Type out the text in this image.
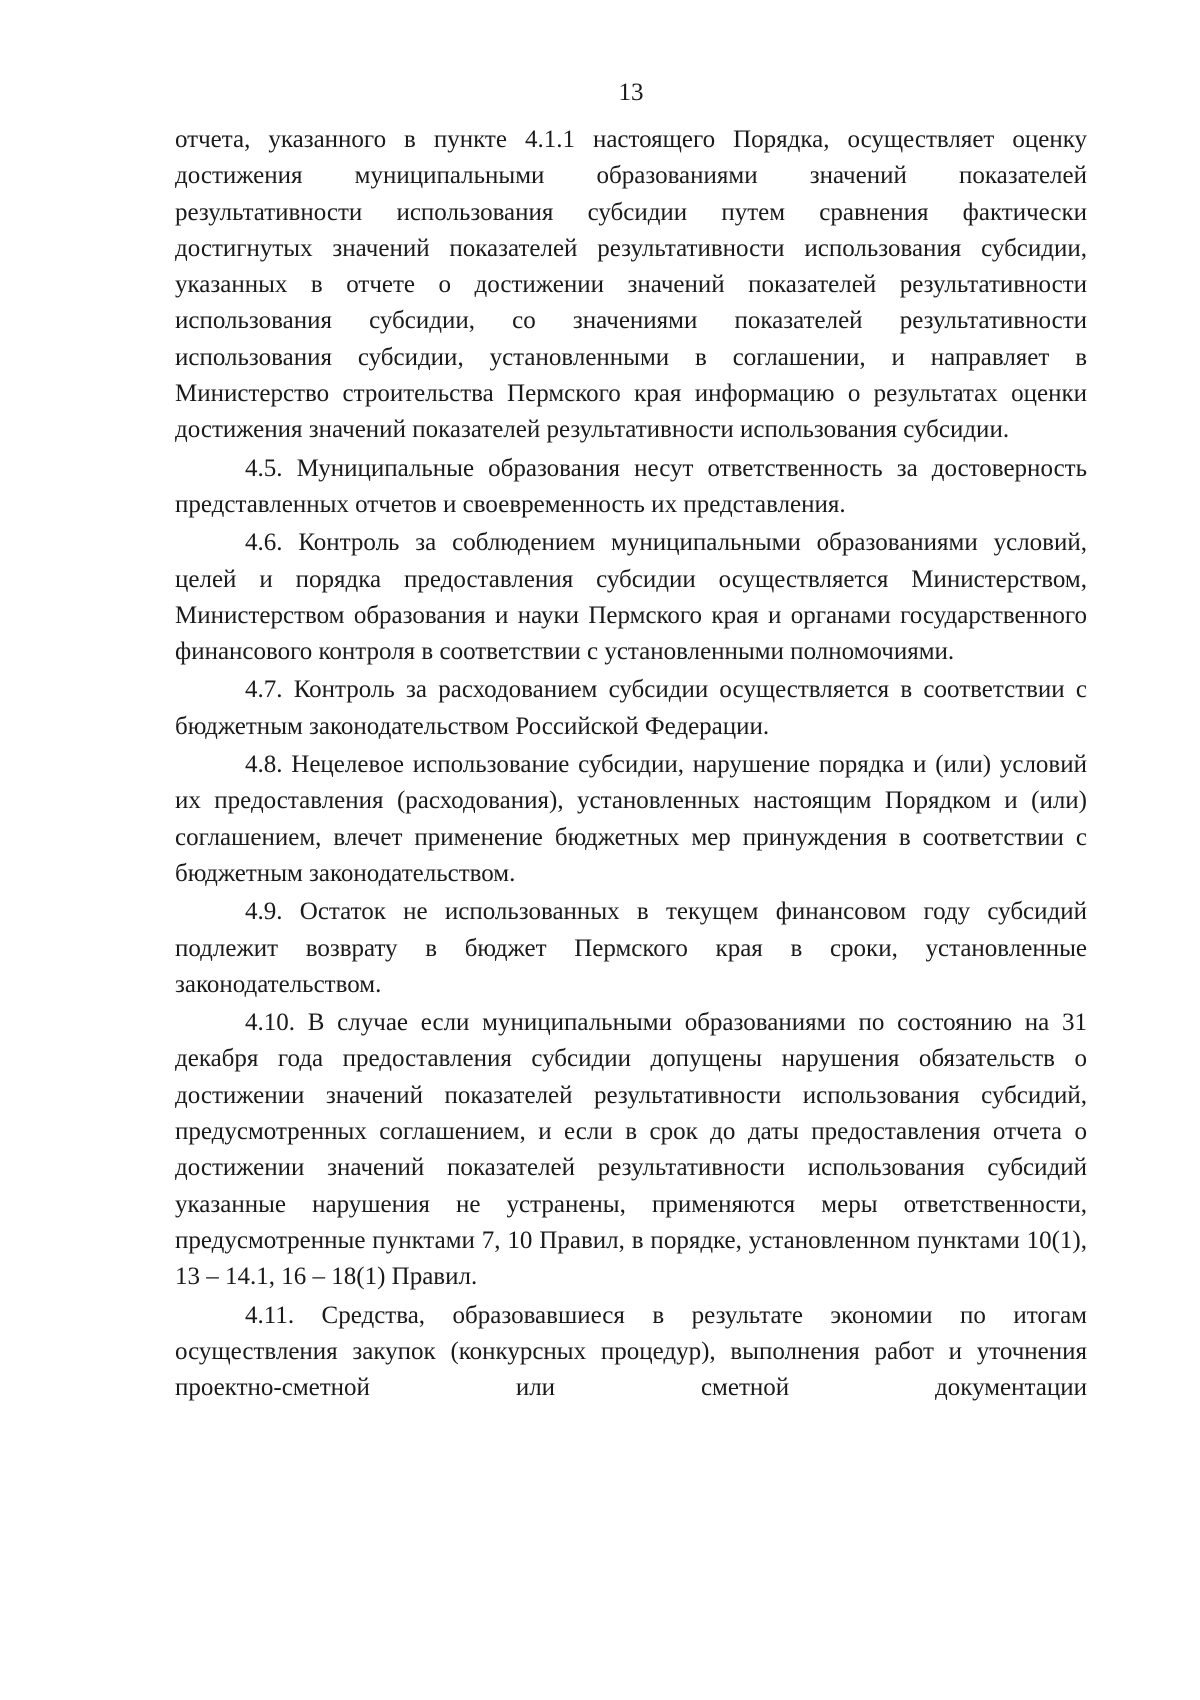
13

отчета, указанного в пункте 4.1.1 настоящего Порядка, осуществляет оценку достижения муниципальными образованиями значений показателей результативности использования субсидии путем сравнения фактически достигнутых значений показателей результативности использования субсидии, указанных в отчете о достижении значений показателей результативности использования субсидии, со значениями показателей результативности использования субсидии, установленными в соглашении, и направляет в Министерство строительства Пермского края информацию о результатах оценки достижения значений показателей результативности использования субсидии.

4.5. Муниципальные образования несут ответственность за достоверность представленных отчетов и своевременность их представления.

4.6. Контроль за соблюдением муниципальными образованиями условий, целей и порядка предоставления субсидии осуществляется Министерством, Министерством образования и науки Пермского края и органами государственного финансового контроля в соответствии с установленными полномочиями.

4.7. Контроль за расходованием субсидии осуществляется в соответствии с бюджетным законодательством Российской Федерации.

4.8. Нецелевое использование субсидии, нарушение порядка и (или) условий их предоставления (расходования), установленных настоящим Порядком и (или) соглашением, влечет применение бюджетных мер принуждения в соответствии с бюджетным законодательством.

4.9. Остаток не использованных в текущем финансовом году субсидий подлежит возврату в бюджет Пермского края в сроки, установленные законодательством.

4.10. В случае если муниципальными образованиями по состоянию на 31 декабря года предоставления субсидии допущены нарушения обязательств о достижении значений показателей результативности использования субсидий, предусмотренных соглашением, и если в срок до даты предоставления отчета о достижении значений показателей результативности использования субсидий указанные нарушения не устранены, применяются меры ответственности, предусмотренные пунктами 7, 10 Правил, в порядке, установленном пунктами 10(1), 13 – 14.1, 16 – 18(1) Правил.

4.11. Средства, образовавшиеся в результате экономии по итогам осуществления закупок (конкурсных процедур), выполнения работ и уточнения проектно-сметной или сметной документации
